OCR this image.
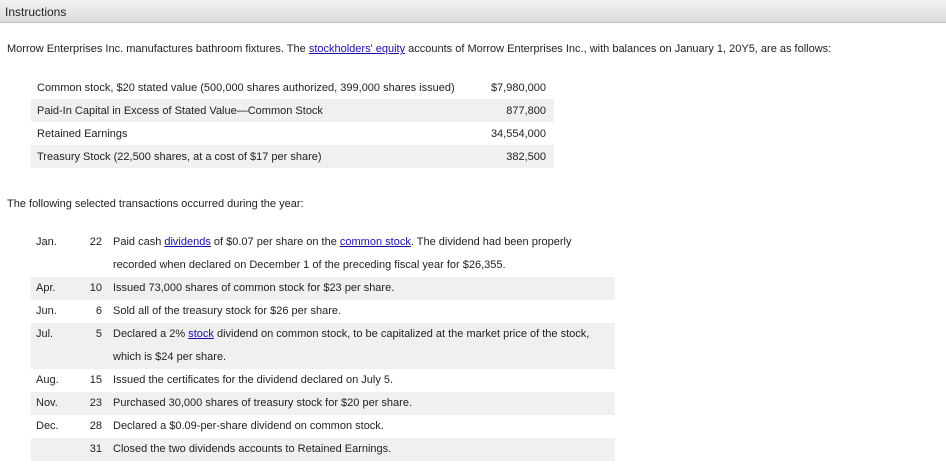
Instructions
Morrow Enterprises Inc. manufactures bathroom fixtures. The stockholders' equity accounts of Morrow Enterprises Inc., with balances on January 1, 20Y5, are as follows:
Common stock, $20 stated value (500,000 shares authorized, 399,000 shares issued)	$7,980,000
Paid-In Capital in Excess of Stated Value—Common Stock	877,800
Retained Earnings	34,554,000
Treasury Stock (22,500 shares, at a cost of $17 per share)	382,500
The following selected transactions occurred during the year:
Jan.	22	Paid cash dividends of $0.07 per share on the common stock. The dividend had been properly
recorded when declared on December 1 of the preceding fiscal year for $26,355.
Apr.	10	Issued 73,000 shares of common stock for $23 per share.
Jun.	6	Sold all of the treasury stock for $26 per share.
Jul.	5	Declared a 2% stock dividend on common stock, to be capitalized at the market price of the stock,
which is $24 per share.
Aug.	15	Issued the certificates for the dividend declared on July 5.
Nov.	23	Purchased 30,000 shares of treasury stock for $20 per share.
Dec.	28	Declared a $0.09-per-share dividend on common stock.
	31	Closed the two dividends accounts to Retained Earnings.
